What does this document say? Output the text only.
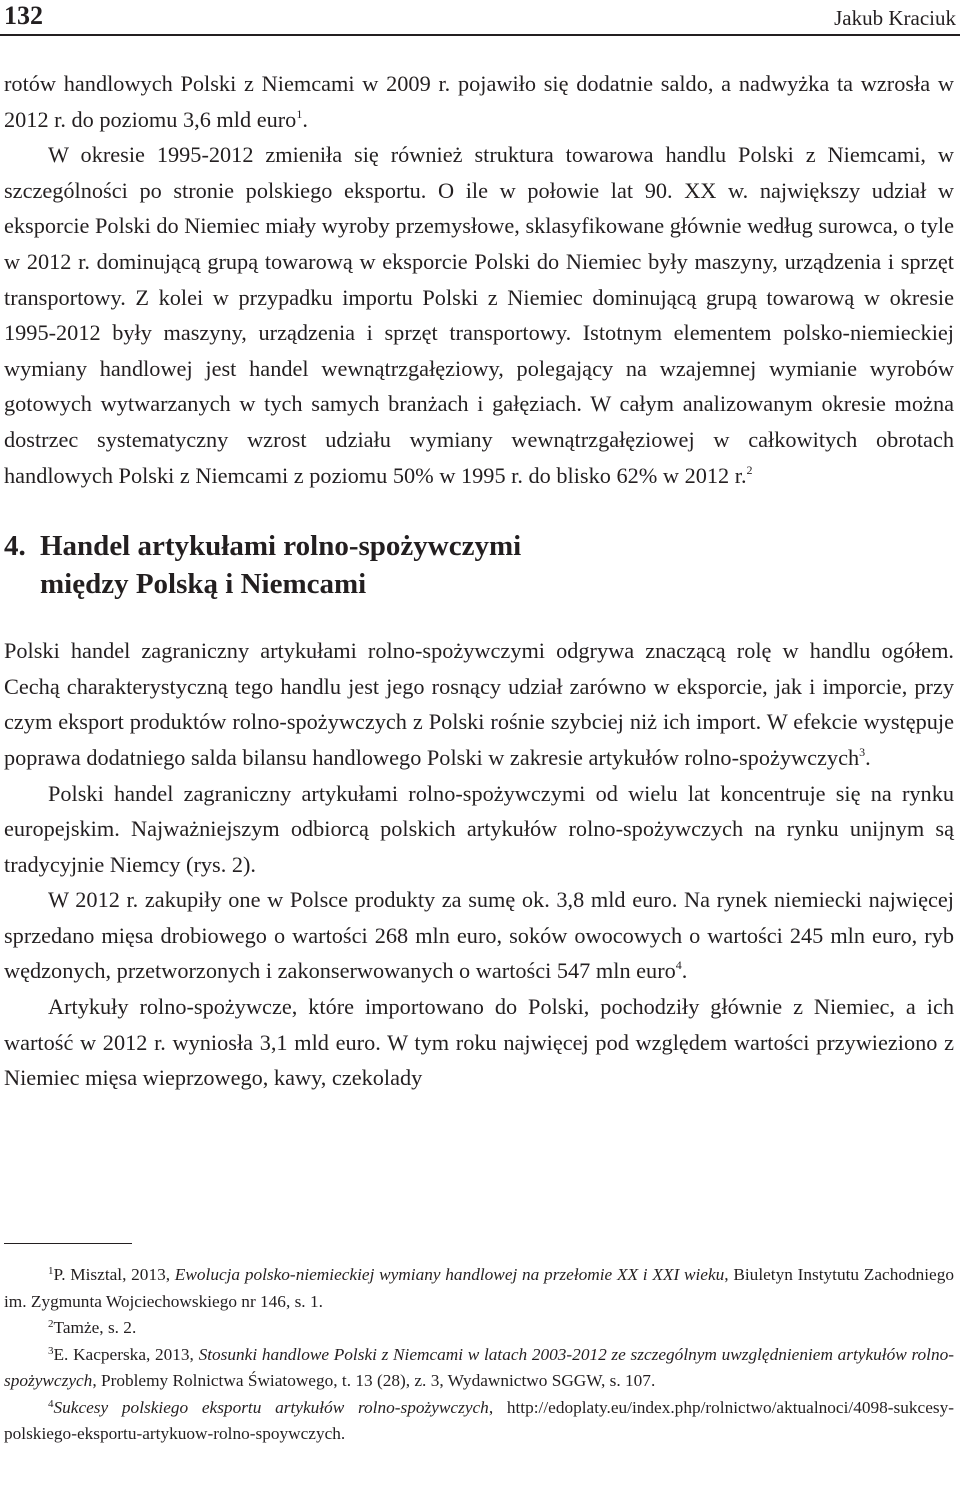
132	Jakub Kraciuk

rotów handlowych Polski z Niemcami w 2009 r. pojawiło się dodatnie saldo, a nadwyżka ta wzrosła w 2012 r. do poziomu 3,6 mld euro$^1$.

W okresie 1995-2012 zmieniła się również struktura towarowa handlu Polski z Niemcami, w szczególności po stronie polskiego eksportu. O ile w połowie lat 90. XX w. największy udział w eksporcie Polski do Niemiec miały wyroby przemysłowe, sklasyfikowane głównie według surowca, o tyle w 2012 r. dominującą grupą towarową w eksporcie Polski do Niemiec były maszyny, urządzenia i sprzęt transportowy. Z kolei w przypadku importu Polski z Niemiec dominującą grupą towarową w okresie 1995-2012 były maszyny, urządzenia i sprzęt transportowy. Istotnym elementem polsko-niemieckiej wymiany handlowej jest handel wewnątrzgałęziowy, polegający na wzajemnej wymianie wyrobów gotowych wytwarzanych w tych samych branżach i gałęziach. W całym analizowanym okresie można dostrzec systematyczny wzrost udziału wymiany wewnątrzgałęziowej w całkowitych obrotach handlowych Polski z Niemcami z poziomu 50% w 1995 r. do blisko 62% w 2012 r.$^2$

4. Handel artykułami rolno-spożywczymi
między Polską i Niemcami

Polski handel zagraniczny artykułami rolno-spożywczymi odgrywa znaczącą rolę w handlu ogółem. Cechą charakterystyczną tego handlu jest jego rosnący udział zarówno w eksporcie, jak i imporcie, przy czym eksport produktów rolno-spożywczych z Polski rośnie szybciej niż ich import. W efekcie występuje poprawa dodatniego salda bilansu handlowego Polski w zakresie artykułów rolno-spożywczych$^3$.

Polski handel zagraniczny artykułami rolno-spożywczymi od wielu lat koncentruje się na rynku europejskim. Najważniejszym odbiorcą polskich artykułów rolno-spożywczych na rynku unijnym są tradycyjnie Niemcy (rys. 2).

W 2012 r. zakupiły one w Polsce produkty za sumę ok. 3,8 mld euro. Na rynek niemiecki najwięcej sprzedano mięsa drobiowego o wartości 268 mln euro, soków owocowych o wartości 245 mln euro, ryb wędzonych, przetworzonych i zakonserwowanych o wartości 547 mln euro$^4$.

Artykuły rolno-spożywcze, które importowano do Polski, pochodziły głównie z Niemiec, a ich wartość w 2012 r. wyniosła 3,1 mld euro. W tym roku najwięcej pod względem wartości przywieziono z Niemiec mięsa wieprzowego, kawy, czekolady

$^1$P. Misztal, 2013, Ewolucja polsko-niemieckiej wymiany handlowej na przełomie XX i XXI wieku, Biuletyn Instytutu Zachodniego im. Zygmunta Wojciechowskiego nr 146, s. 1.

$^2$Tamże, s. 2.

$^3$E. Kacperska, 2013, Stosunki handlowe Polski z Niemcami w latach 2003-2012 ze szczególnym uwzględnieniem artykułów rolno-spożywczych, Problemy Rolnictwa Światowego, t. 13 (28), z. 3, Wydawnictwo SGGW, s. 107.

$^4$Sukcesy polskiego eksportu artykułów rolno-spożywczych, http://edoplaty.eu/index.php/rolnictwo/aktualnoci/4098-sukcesy-polskiego-eksportu-artykuow-rolno-spoywczych.
